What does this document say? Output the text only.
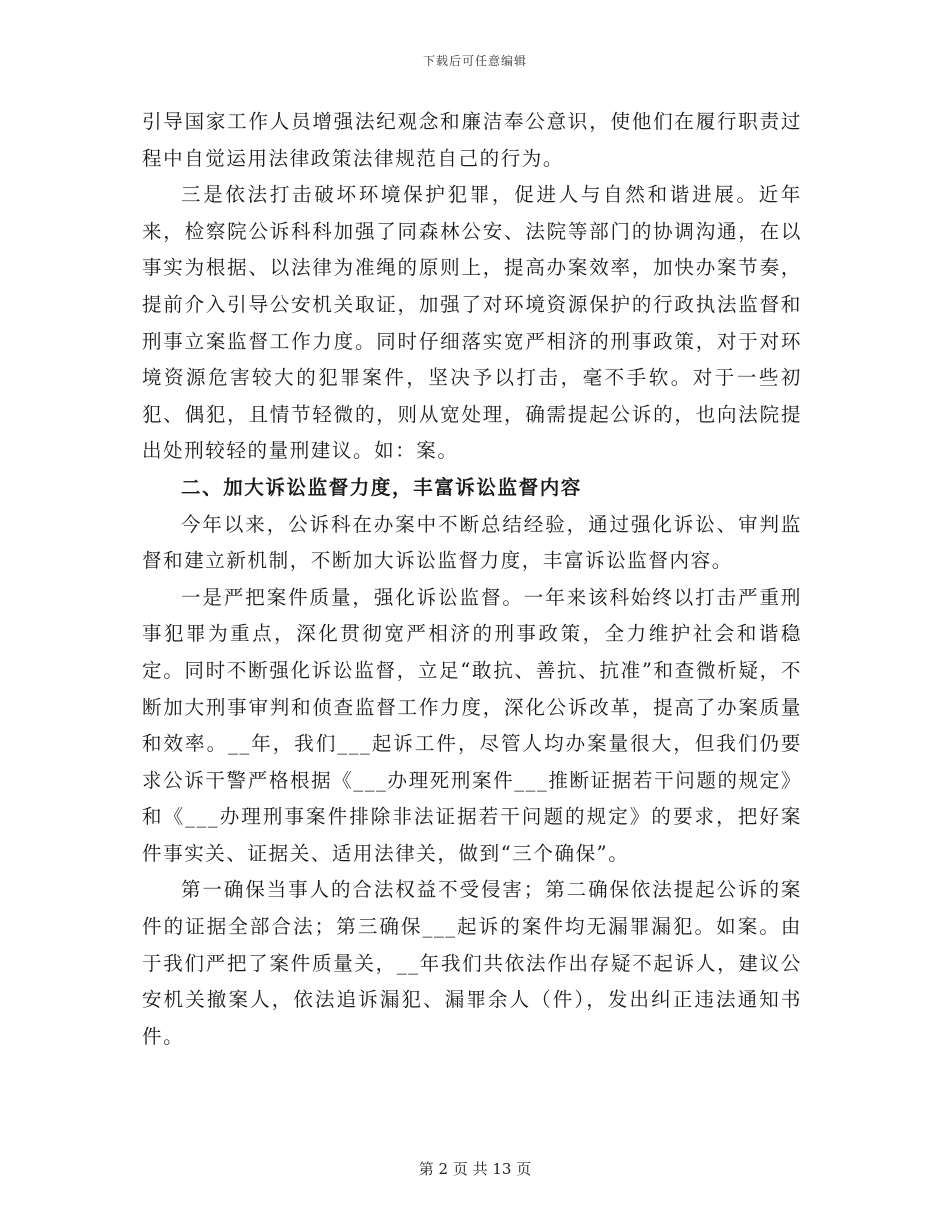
下载后可任意编辑

引导国家工作人员增强法纪观念和廉洁奉公意识，使他们在履行职责过程中自觉运用法律政策法律规范自己的行为。

三是依法打击破坏环境保护犯罪，促进人与自然和谐进展。近年来，检察院公诉科科加强了同森林公安、法院等部门的协调沟通，在以事实为根据、以法律为准绳的原则上，提高办案效率，加快办案节奏，提前介入引导公安机关取证，加强了对环境资源保护的行政执法监督和刑事立案监督工作力度。同时仔细落实宽严相济的刑事政策，对于对环境资源危害较大的犯罪案件，坚决予以打击，毫不手软。对于一些初犯、偶犯，且情节轻微的，则从宽处理，确需提起公诉的，也向法院提出处刑较轻的量刑建议。如：案。

二、加大诉讼监督力度，丰富诉讼监督内容

今年以来，公诉科在办案中不断总结经验，通过强化诉讼、审判监督和建立新机制，不断加大诉讼监督力度，丰富诉讼监督内容。

一是严把案件质量，强化诉讼监督。一年来该科始终以打击严重刑事犯罪为重点，深化贯彻宽严相济的刑事政策，全力维护社会和谐稳定。同时不断强化诉讼监督，立足“敢抗、善抗、抗准”和查微析疑，不断加大刑事审判和侦查监督工作力度，深化公诉改革，提高了办案质量和效率。__年，我们___起诉工件，尽管人均办案量很大，但我们仍要求公诉干警严格根据《___办理死刑案件___推断证据若干问题的规定》和《___办理刑事案件排除非法证据若干问题的规定》的要求，把好案件事实关、证据关、适用法律关，做到“三个确保”。

第一确保当事人的合法权益不受侵害；第二确保依法提起公诉的案件的证据全部合法；第三确保___起诉的案件均无漏罪漏犯。如案。由于我们严把了案件质量关，__年我们共依法作出存疑不起诉人，建议公安机关撤案人，依法追诉漏犯、漏罪余人（件），发出纠正违法通知书件。

第 2 页 共 13 页
